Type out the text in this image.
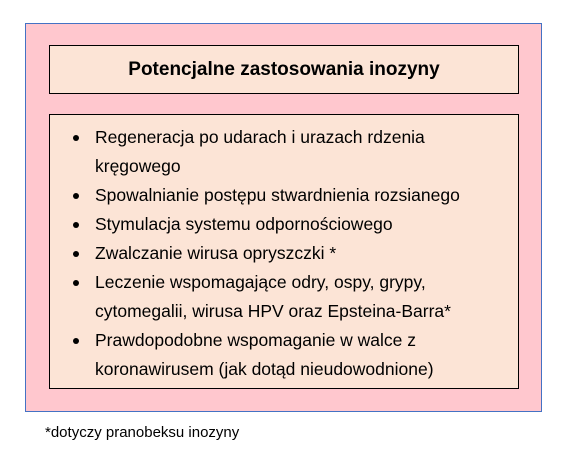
Potencjalne zastosowania inozyny
Regeneracja po udarach i urazach rdzenia kręgowego
Spowalnianie postępu stwardnienia rozsianego
Stymulacja systemu odpornościowego
Zwalczanie wirusa opryszczki *
Leczenie wspomagające odry, ospy, grypy, cytomegalii, wirusa HPV oraz Epsteina-Barra*
Prawdopodobne wspomaganie w walce z koronawirusem (jak dotąd nieudowodnione)
*dotyczy pranobeksu inozyny
